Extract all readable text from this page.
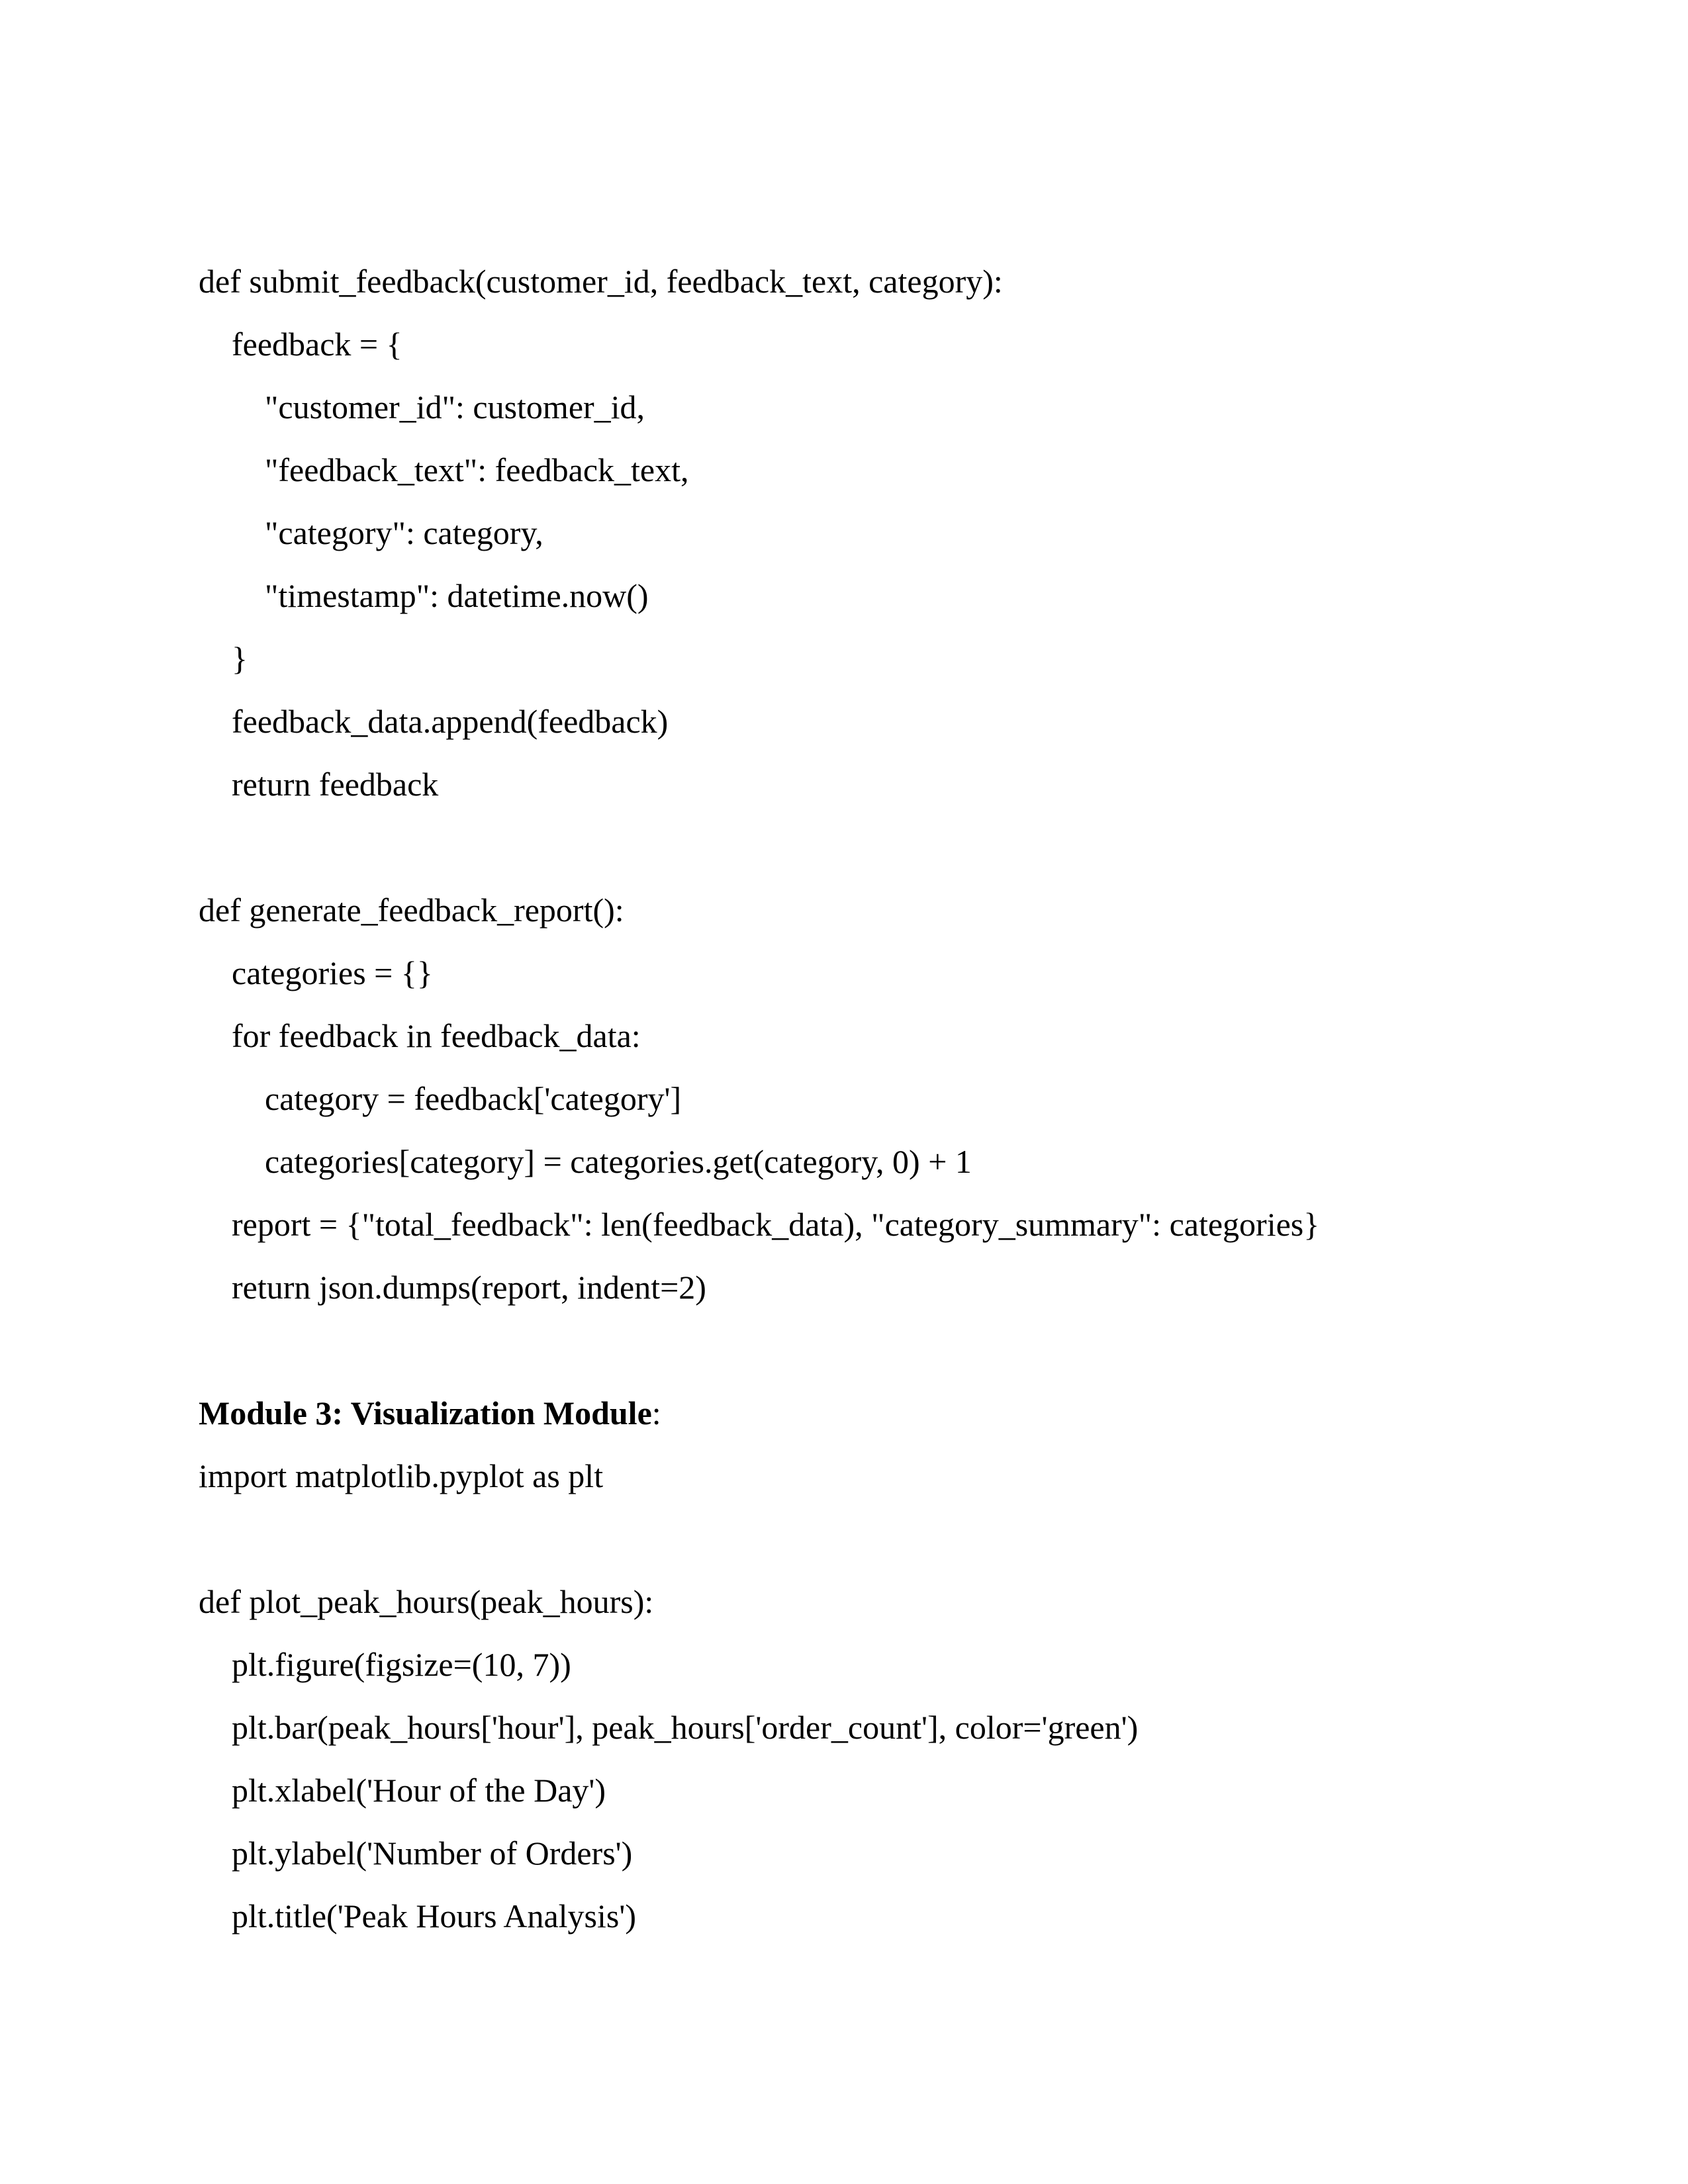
def submit_feedback(customer_id, feedback_text, category):
feedback = {
"customer_id": customer_id,
"feedback_text": feedback_text,
"category": category,
"timestamp": datetime.now()
}
feedback_data.append(feedback)
return feedback
def generate_feedback_report():
categories = {}
for feedback in feedback_data:
category = feedback['category']
categories[category] = categories.get(category, 0) + 1
report = {"total_feedback": len(feedback_data), "category_summary": categories}
return json.dumps(report, indent=2)
Module 3: Visualization Module:
import matplotlib.pyplot as plt
def plot_peak_hours(peak_hours):
plt.figure(figsize=(10, 7))
plt.bar(peak_hours['hour'], peak_hours['order_count'], color='green')
plt.xlabel('Hour of the Day')
plt.ylabel('Number of Orders')
plt.title('Peak Hours Analysis')
